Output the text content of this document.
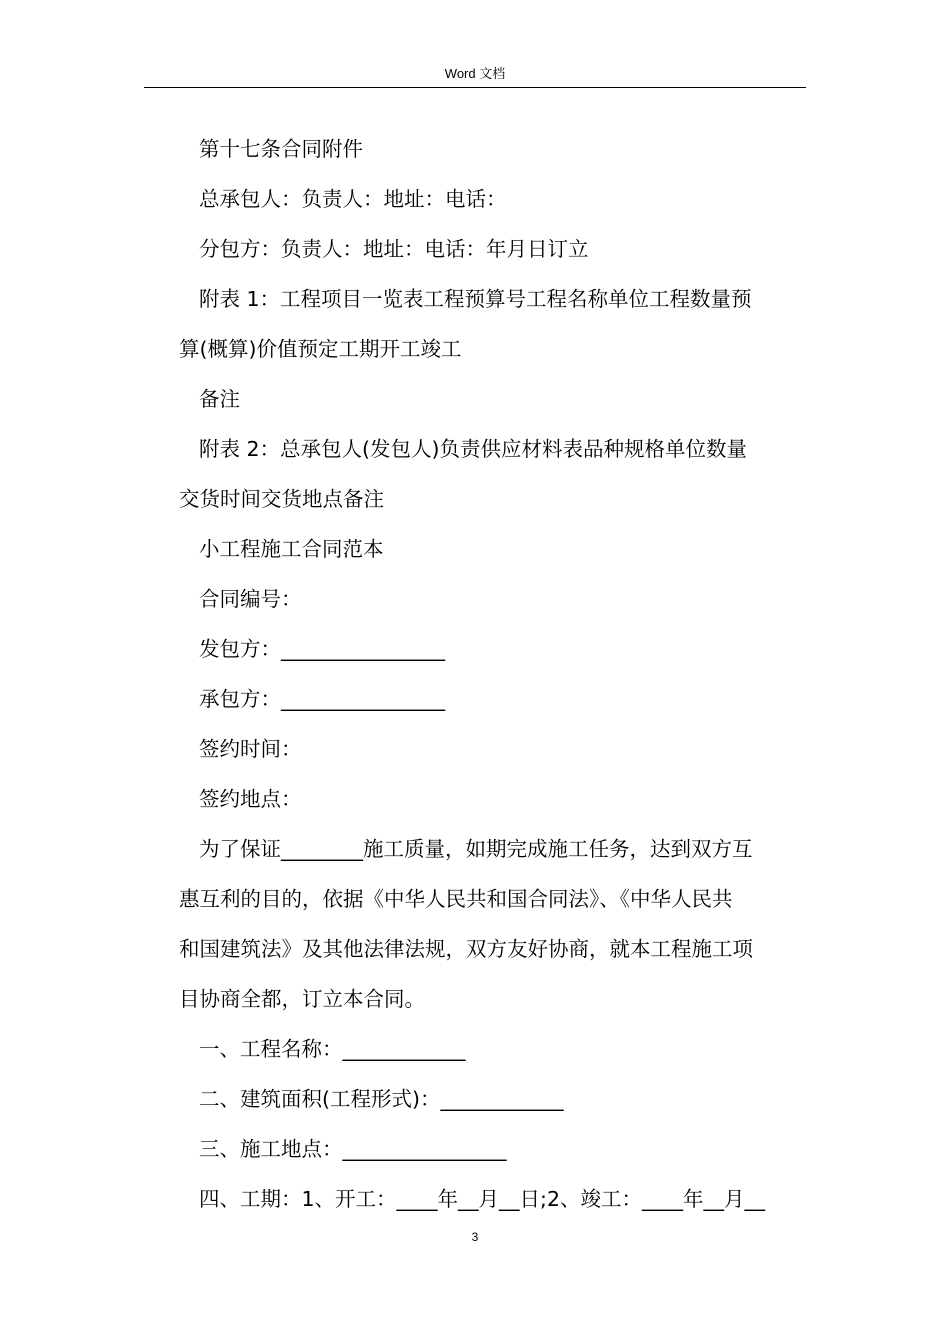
Word 文档
第十七条合同附件
总承包人：负责人：地址：电话：
分包方：负责人：地址：电话：年月日订立
附表 1：工程项目一览表工程预算号工程名称单位工程数量预
算(概算)价值预定工期开工竣工
备注
附表 2：总承包人(发包人)负责供应材料表品种规格单位数量
交货时间交货地点备注
小工程施工合同范本
合同编号：
发包方：________________
承包方：________________
签约时间：
签约地点：
为了保证________施工质量，如期完成施工任务，达到双方互
惠互利的目的，依据《中华人民共和国合同法》、《中华人民共
和国建筑法》及其他法律法规，双方友好协商，就本工程施工项
目协商全都，订立本合同。
一、工程名称：____________
二、建筑面积(工程形式)：____________
三、施工地点：________________
四、工期：1、开工：____年__月__日;2、竣工：____年__月__
3
